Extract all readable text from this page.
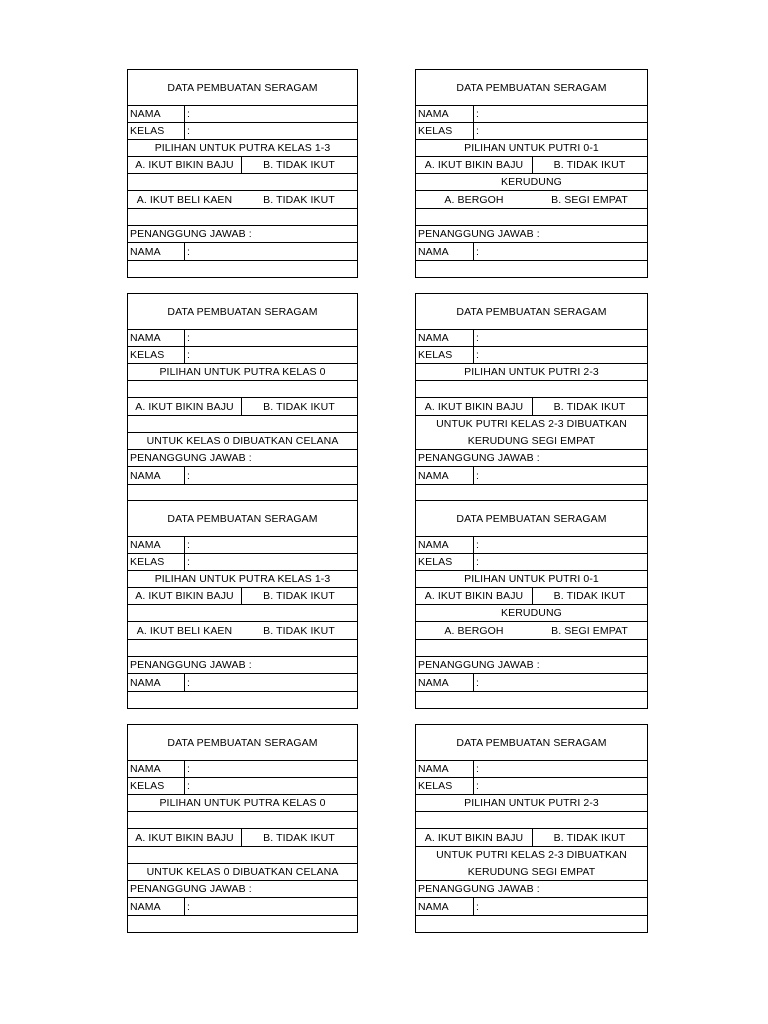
DATA PEMBUATAN SERAGAM
NAMA	:
KELAS :
PILIHAN UNTUK PUTRA KELAS 1-3
A. IKUT BIKIN BAJU	B. TIDAK IKUT
A. IKUT BELI KAEN	B. TIDAK IKUT
PENANGGUNG JAWAB :
NAMA	:
DATA PEMBUATAN SERAGAM
NAMA	:
KELAS :
PILIHAN UNTUK PUTRI 0-1
A. IKUT BIKIN BAJU	B. TIDAK IKUT
KERUDUNG
A. BERGOH	B. SEGI EMPAT
PENANGGUNG JAWAB :
NAMA	:
DATA PEMBUATAN SERAGAM
NAMA	:
KELAS :
PILIHAN UNTUK PUTRA KELAS 0
A. IKUT BIKIN BAJU	B. TIDAK IKUT
UNTUK KELAS 0 DIBUATKAN CELANA
PENANGGUNG JAWAB :
NAMA	:
DATA PEMBUATAN SERAGAM
NAMA	:
KELAS :
PILIHAN UNTUK PUTRI 2-3
A. IKUT BIKIN BAJU	B. TIDAK IKUT
UNTUK PUTRI KELAS 2-3 DIBUATKAN
KERUDUNG SEGI EMPAT
PENANGGUNG JAWAB :
NAMA	:
DATA PEMBUATAN SERAGAM
NAMA	:
KELAS :
PILIHAN UNTUK PUTRA KELAS 1-3
A. IKUT BIKIN BAJU	B. TIDAK IKUT
A. IKUT BELI KAEN	B. TIDAK IKUT
PENANGGUNG JAWAB :
NAMA	:
DATA PEMBUATAN SERAGAM
NAMA	:
KELAS :
PILIHAN UNTUK PUTRI 0-1
A. IKUT BIKIN BAJU	B. TIDAK IKUT
KERUDUNG
A. BERGOH	B. SEGI EMPAT
PENANGGUNG JAWAB :
NAMA	:
DATA PEMBUATAN SERAGAM
NAMA	:
KELAS :
PILIHAN UNTUK PUTRA KELAS 0
A. IKUT BIKIN BAJU	B. TIDAK IKUT
UNTUK KELAS 0 DIBUATKAN CELANA
PENANGGUNG JAWAB :
NAMA	:
DATA PEMBUATAN SERAGAM
NAMA	:
KELAS :
PILIHAN UNTUK PUTRI 2-3
A. IKUT BIKIN BAJU	B. TIDAK IKUT
UNTUK PUTRI KELAS 2-3 DIBUATKAN
KERUDUNG SEGI EMPAT
PENANGGUNG JAWAB :
NAMA	:
